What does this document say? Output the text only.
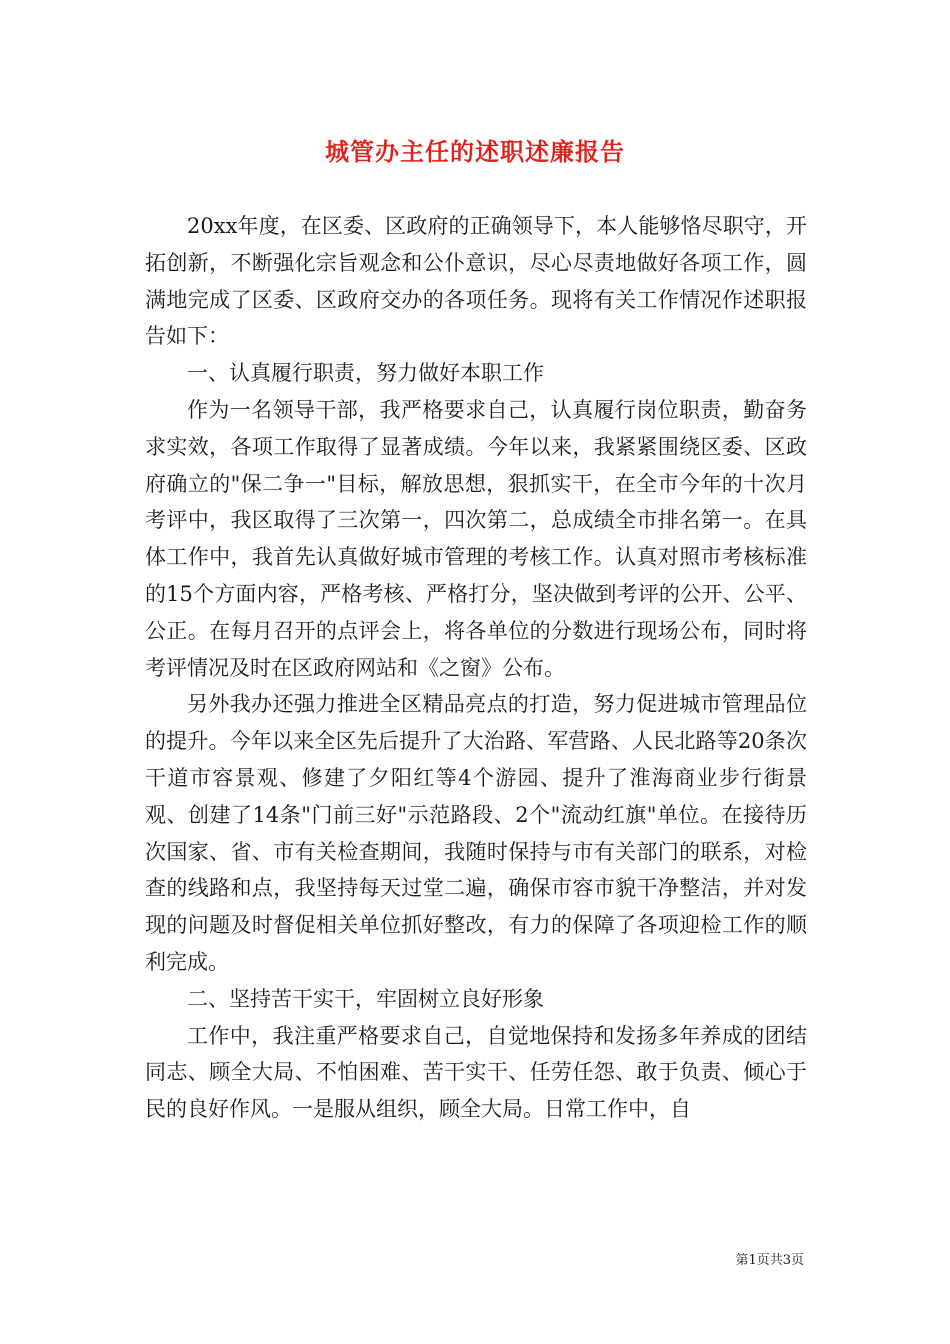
城管办主任的述职述廉报告

20xx年度，在区委、区政府的正确领导下，本人能够恪尽职守，开拓创新，不断强化宗旨观念和公仆意识，尽心尽责地做好各项工作，圆满地完成了区委、区政府交办的各项任务。现将有关工作情况作述职报告如下：

一、认真履行职责，努力做好本职工作

作为一名领导干部，我严格要求自己，认真履行岗位职责，勤奋务求实效，各项工作取得了显著成绩。今年以来，我紧紧围绕区委、区政府确立的"保二争一"目标，解放思想，狠抓实干，在全市今年的十次月考评中，我区取得了三次第一，四次第二，总成绩全市排名第一。在具体工作中，我首先认真做好城市管理的考核工作。认真对照市考核标准的15个方面内容，严格考核、严格打分，坚决做到考评的公开、公平、公正。在每月召开的点评会上，将各单位的分数进行现场公布，同时将考评情况及时在区政府网站和《之窗》公布。

另外我办还强力推进全区精品亮点的打造，努力促进城市管理品位的提升。今年以来全区先后提升了大治路、军营路、人民北路等20条次干道市容景观、修建了夕阳红等4个游园、提升了淮海商业步行街景观、创建了14条"门前三好"示范路段、2个"流动红旗"单位。在接待历次国家、省、市有关检查期间，我随时保持与市有关部门的联系，对检查的线路和点，我坚持每天过堂二遍，确保市容市貌干净整洁，并对发现的问题及时督促相关单位抓好整改，有力的保障了各项迎检工作的顺利完成。

二、坚持苦干实干，牢固树立良好形象

工作中，我注重严格要求自己，自觉地保持和发扬多年养成的团结同志、顾全大局、不怕困难、苦干实干、任劳任怨、敢于负责、倾心于民的良好作风。一是服从组织，顾全大局。日常工作中，自

第1页共3页
